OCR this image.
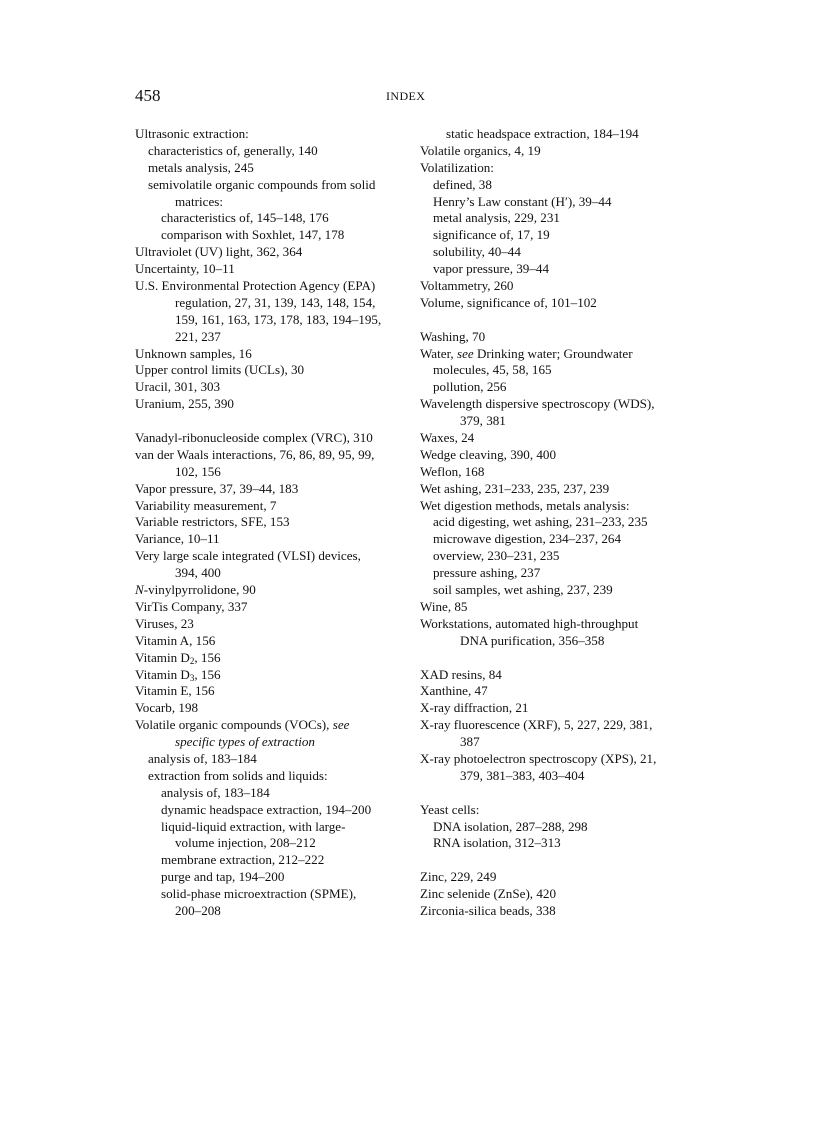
458	INDEX
Ultrasonic extraction:
characteristics of, generally, 140
metals analysis, 245
semivolatile organic compounds from solid
matrices:
characteristics of, 145–148, 176
comparison with Soxhlet, 147, 178
Ultraviolet (UV) light, 362, 364
Uncertainty, 10–11
U.S. Environmental Protection Agency (EPA)
regulation, 27, 31, 139, 143, 148, 154,
159, 161, 163, 173, 178, 183, 194–195,
221, 237
Unknown samples, 16
Upper control limits (UCLs), 30
Uracil, 301, 303
Uranium, 255, 390
Vanadyl-ribonucleoside complex (VRC), 310
van der Waals interactions, 76, 86, 89, 95, 99,
102, 156
Vapor pressure, 37, 39–44, 183
Variability measurement, 7
Variable restrictors, SFE, 153
Variance, 10–11
Very large scale integrated (VLSI) devices,
394, 400
N-vinylpyrrolidone, 90
VirTis Company, 337
Viruses, 23
Vitamin A, 156
Vitamin $D_2$, 156
Vitamin $D_3$, 156
Vitamin E, 156
Vocarb, 198
Volatile organic compounds (VOCs), see
specific types of extraction
analysis of, 183–184
extraction from solids and liquids:
analysis of, 183–184
dynamic headspace extraction, 194–200
liquid-liquid extraction, with large-
volume injection, 208–212
membrane extraction, 212–222
purge and tap, 194–200
solid-phase microextraction (SPME),
200–208
static headspace extraction, 184–194
Volatile organics, 4, 19
Volatilization:
defined, 38
Henry’s Law constant (H′), 39–44
metal analysis, 229, 231
significance of, 17, 19
solubility, 40–44
vapor pressure, 39–44
Voltammetry, 260
Volume, significance of, 101–102
Washing, 70
Water, see Drinking water; Groundwater
molecules, 45, 58, 165
pollution, 256
Wavelength dispersive spectroscopy (WDS),
379, 381
Waxes, 24
Wedge cleaving, 390, 400
Weflon, 168
Wet ashing, 231–233, 235, 237, 239
Wet digestion methods, metals analysis:
acid digesting, wet ashing, 231–233, 235
microwave digestion, 234–237, 264
overview, 230–231, 235
pressure ashing, 237
soil samples, wet ashing, 237, 239
Wine, 85
Workstations, automated high-throughput
DNA purification, 356–358
XAD resins, 84
Xanthine, 47
X-ray diffraction, 21
X-ray fluorescence (XRF), 5, 227, 229, 381,
387
X-ray photoelectron spectroscopy (XPS), 21,
379, 381–383, 403–404
Yeast cells:
DNA isolation, 287–288, 298
RNA isolation, 312–313
Zinc, 229, 249
Zinc selenide (ZnSe), 420
Zirconia-silica beads, 338
